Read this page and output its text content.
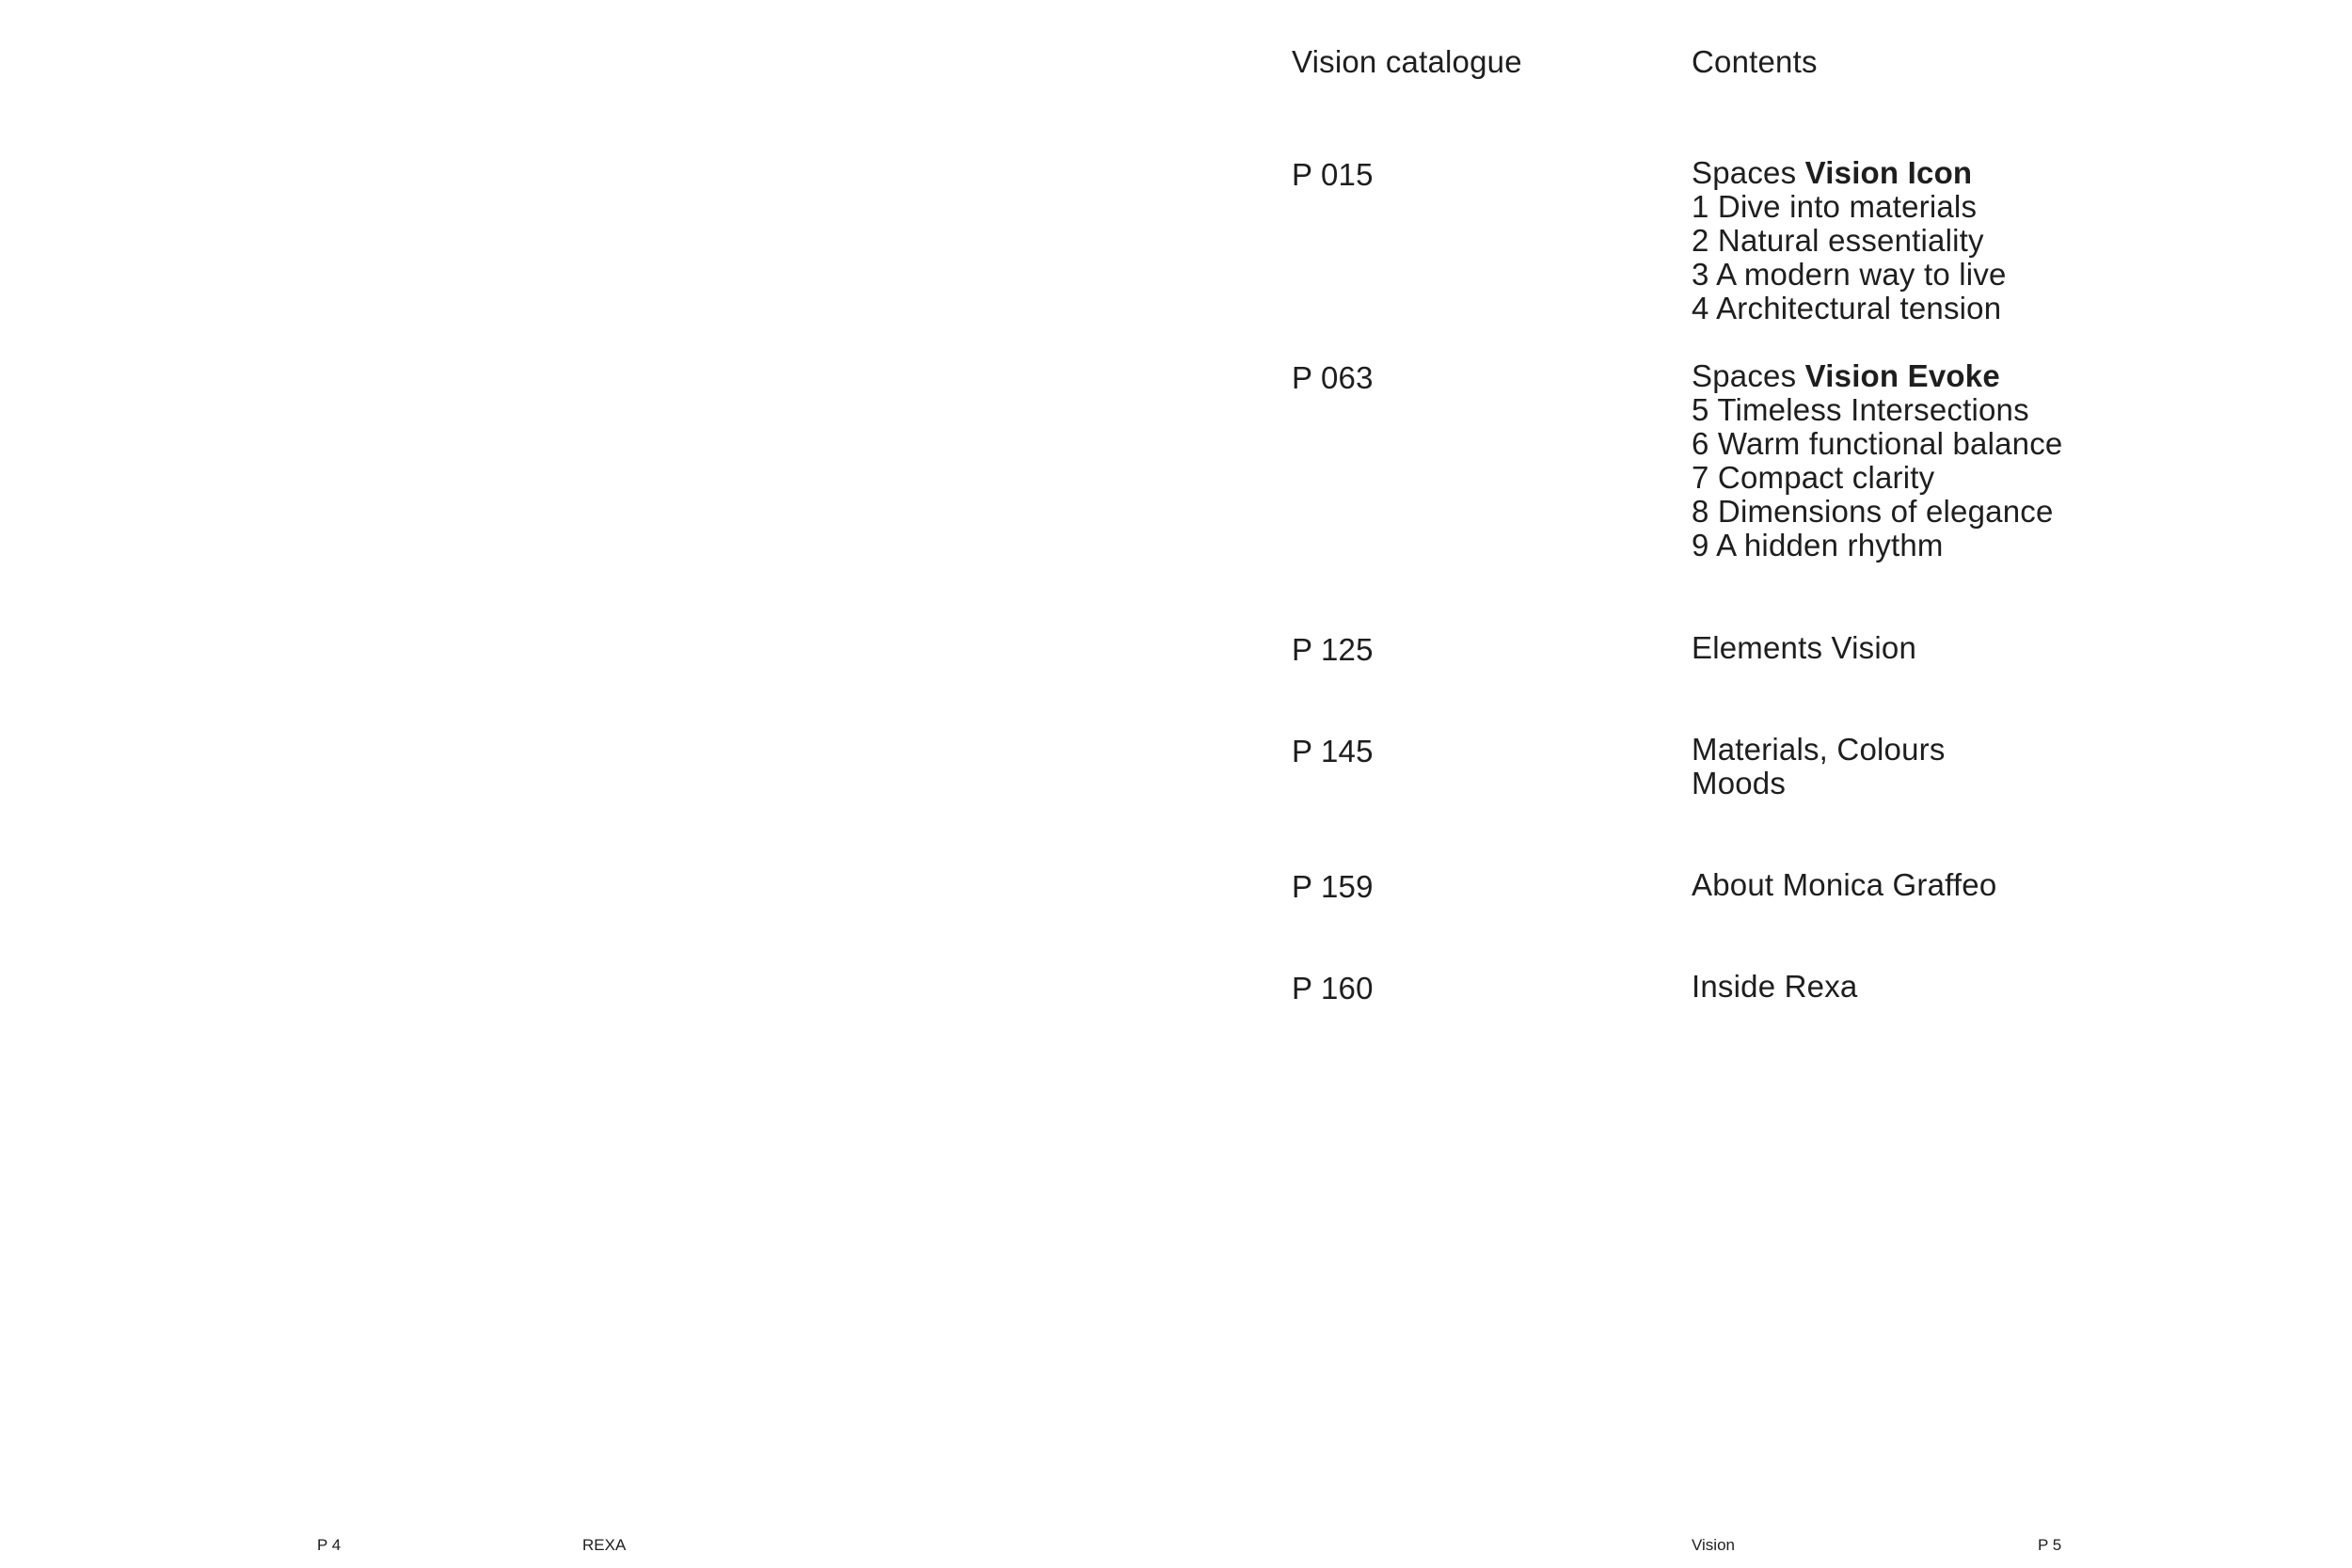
Vision catalogue	Contents
P 015	Spaces Vision Icon
1 Dive into materials
2 Natural essentiality
3 A modern way to live
4 Architectural tension
P 063	Spaces Vision Evoke
5 Timeless Intersections
6 Warm functional balance
7 Compact clarity
8 Dimensions of elegance
9 A hidden rhythm
P 125	Elements Vision
P 145	Materials, Colours
Moods
P 159	About Monica Graffeo
P 160	Inside Rexa
P 4	REXA	Vision	P 5
